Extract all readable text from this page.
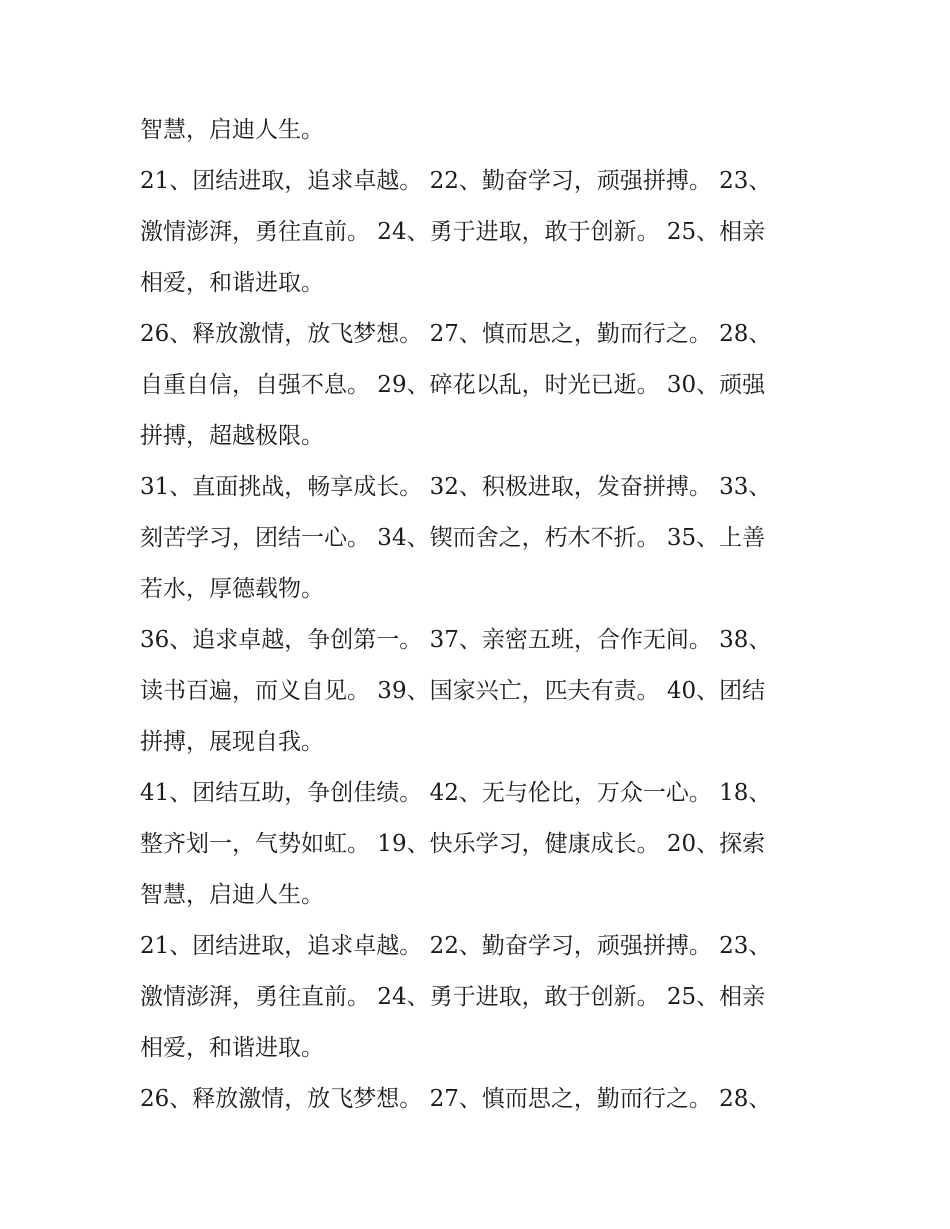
智慧，启迪人生。
21、团结进取，追求卓越。 22、勤奋学习，顽强拼搏。 23、
激情澎湃，勇往直前。 24、勇于进取，敢于创新。 25、相亲
相爱，和谐进取。
26、释放激情，放飞梦想。 27、慎而思之，勤而行之。 28、
自重自信，自强不息。 29、碎花以乱，时光已逝。 30、顽强
拼搏，超越极限。
31、直面挑战，畅享成长。 32、积极进取，发奋拼搏。 33、
刻苦学习，团结一心。 34、锲而舍之，朽木不折。 35、上善
若水，厚德载物。
36、追求卓越，争创第一。 37、亲密五班，合作无间。 38、
读书百遍，而义自见。 39、国家兴亡，匹夫有责。 40、团结
拼搏，展现自我。
41、团结互助，争创佳绩。 42、无与伦比，万众一心。 18、
整齐划一，气势如虹。 19、快乐学习，健康成长。 20、探索
智慧，启迪人生。
21、团结进取，追求卓越。 22、勤奋学习，顽强拼搏。 23、
激情澎湃，勇往直前。 24、勇于进取，敢于创新。 25、相亲
相爱，和谐进取。
26、释放激情，放飞梦想。 27、慎而思之，勤而行之。 28、
